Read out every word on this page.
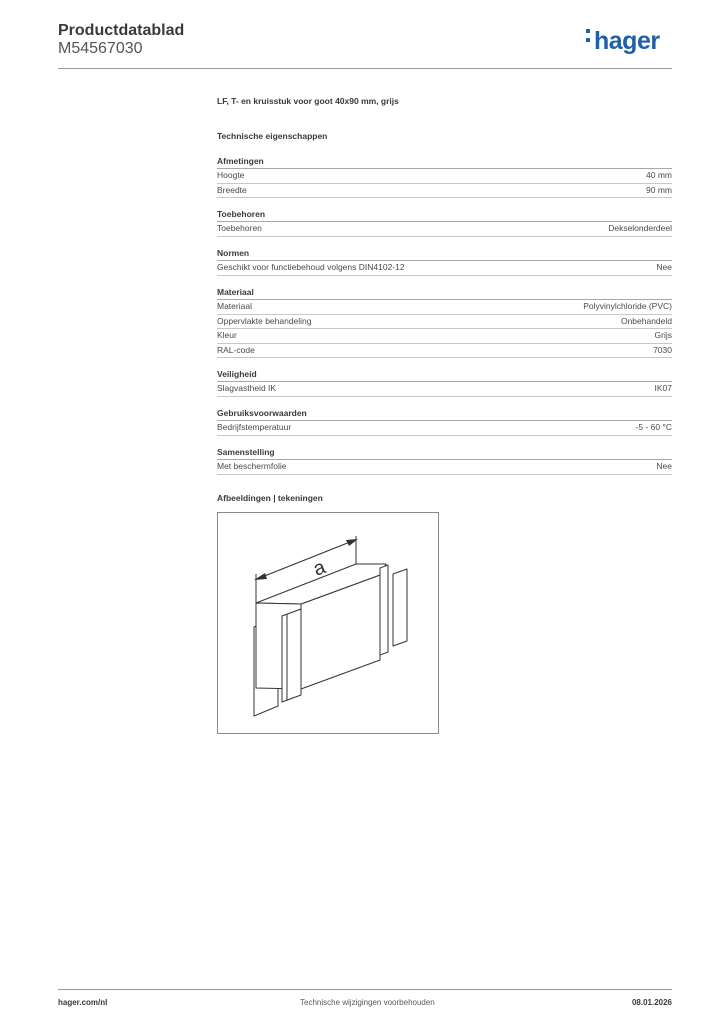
Productdatablad
M54567030	hager
LF, T- en kruisstuk voor goot 40x90 mm, grijs
Technische eigenschappen
Afmetingen
Hoogte	40 mm
Breedte	90 mm
Toebehoren
Toebehoren	Dekselonderdeel
Normen
Geschikt voor functiebehoud volgens DIN4102-12	Nee
Materiaal
Materiaal	Polyvinylchloride (PVC)
Oppervlakte behandeling	Onbehandeld
Kleur	Grijs
RAL-code	7030
Veiligheid
Slagvastheid IK	IK07
Gebruiksvoorwaarden
Bedrijfstemperatuur	-5 - 60 °C
Samenstelling
Met beschermfolie	Nee
Afbeeldingen | tekeningen
a
hager.com/nl	Technische wijzigingen voorbehouden	08.01.2026
